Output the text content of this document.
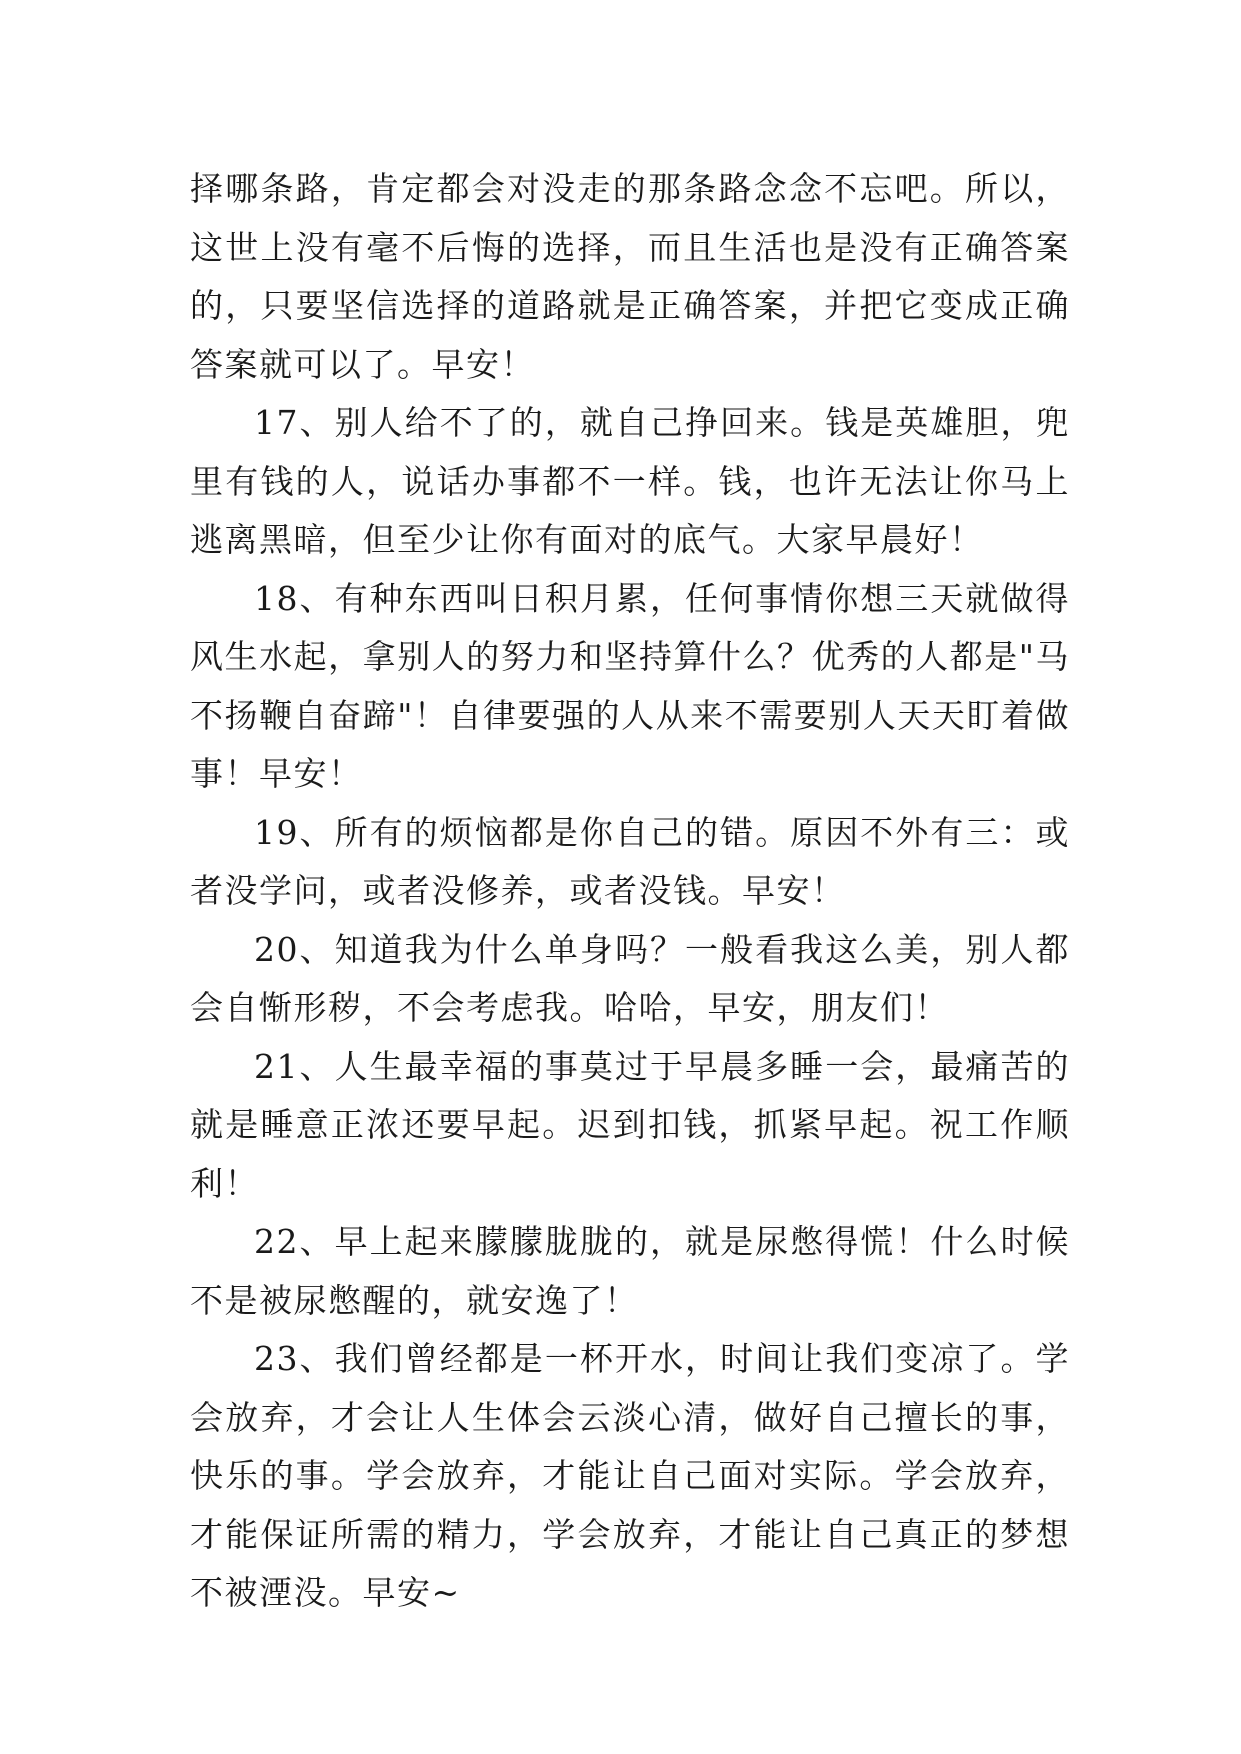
择哪条路，肯定都会对没走的那条路念念不忘吧。所以，这世上没有毫不后悔的选择，而且生活也是没有正确答案的，只要坚信选择的道路就是正确答案，并把它变成正确答案就可以了。早安！

17、别人给不了的，就自己挣回来。钱是英雄胆，兜里有钱的人，说话办事都不一样。钱，也许无法让你马上逃离黑暗，但至少让你有面对的底气。大家早晨好！

18、有种东西叫日积月累，任何事情你想三天就做得风生水起，拿别人的努力和坚持算什么？优秀的人都是"马不扬鞭自奋蹄"！自律要强的人从来不需要别人天天盯着做事！早安！

19、所有的烦恼都是你自己的错。原因不外有三：或者没学问，或者没修养，或者没钱。早安！

20、知道我为什么单身吗？一般看我这么美，别人都会自惭形秽，不会考虑我。哈哈，早安，朋友们！

21、人生最幸福的事莫过于早晨多睡一会，最痛苦的就是睡意正浓还要早起。迟到扣钱，抓紧早起。祝工作顺利！

22、早上起来朦朦胧胧的，就是尿憋得慌！什么时候不是被尿憋醒的，就安逸了！

23、我们曾经都是一杯开水，时间让我们变凉了。学会放弃，才会让人生体会云淡心清，做好自己擅长的事，快乐的事。学会放弃，才能让自己面对实际。学会放弃，才能保证所需的精力，学会放弃，才能让自己真正的梦想不被湮没。早安~
